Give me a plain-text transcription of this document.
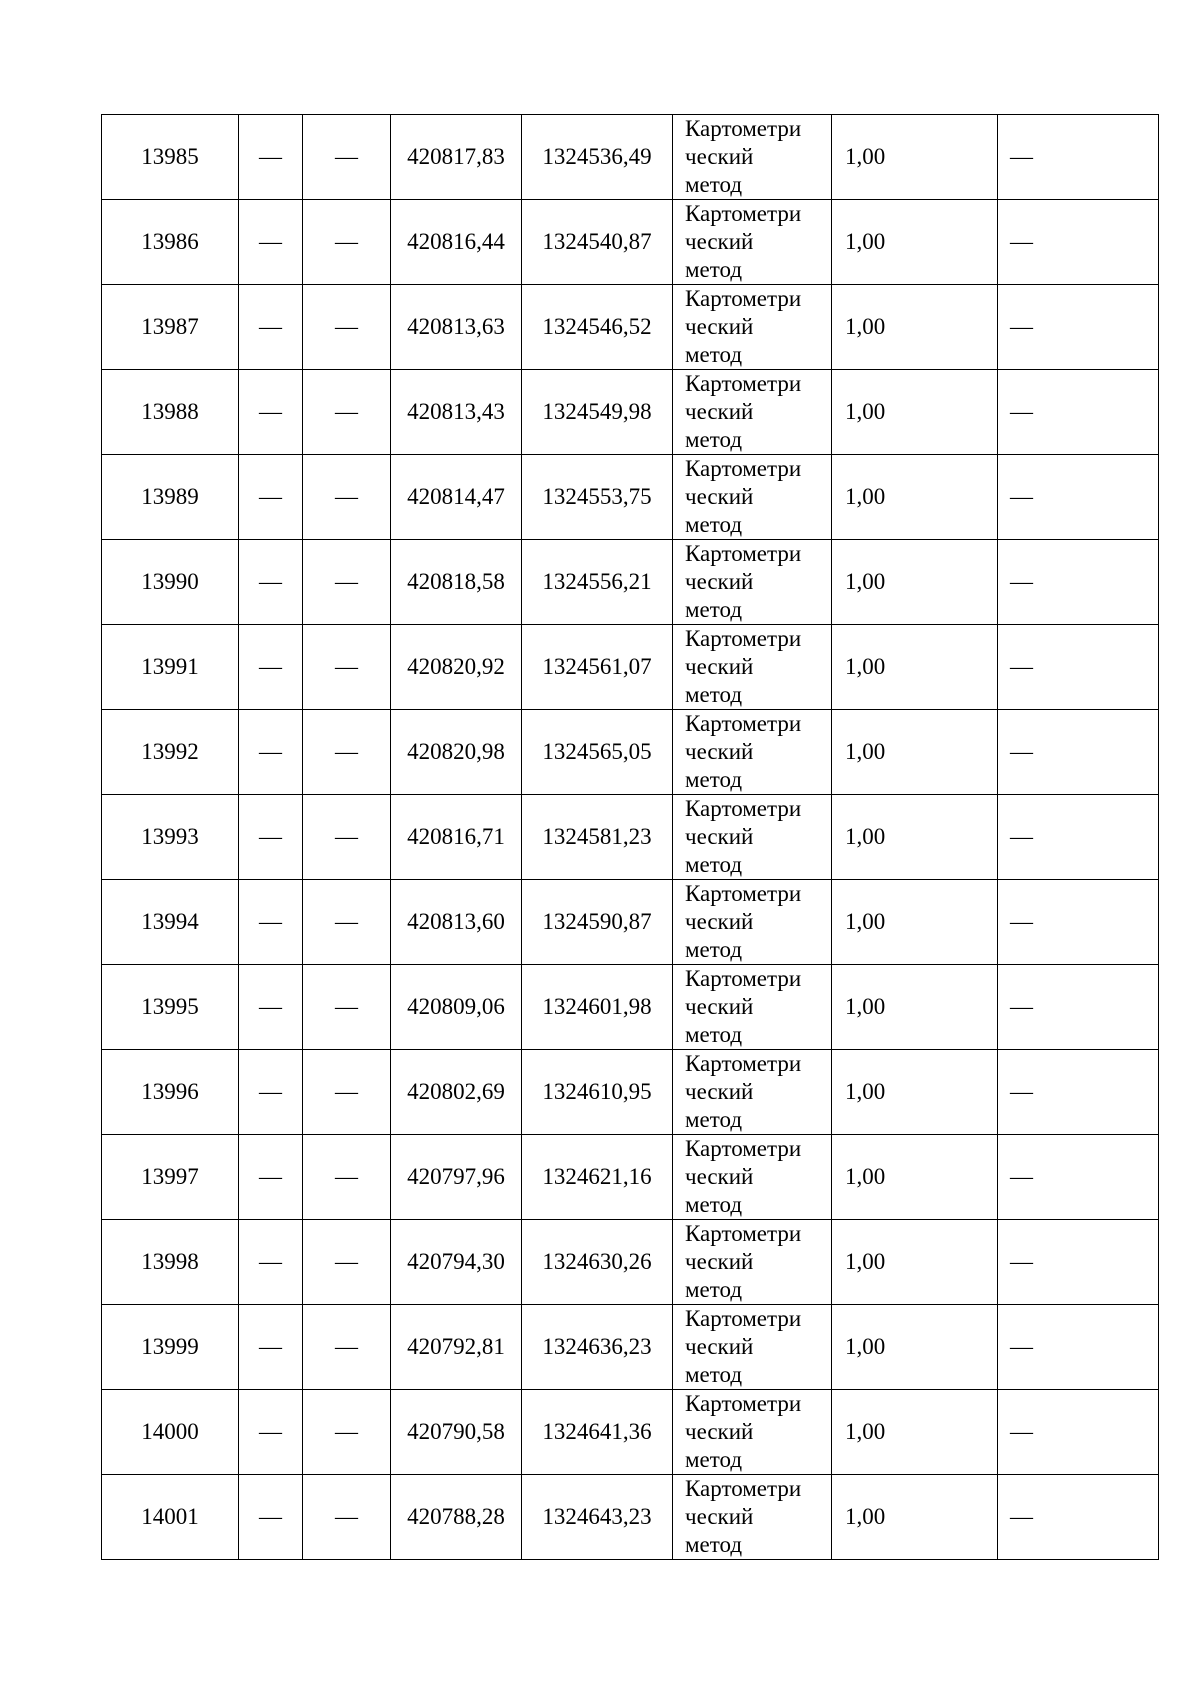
13985	—	—	420817,83	1324536,49	Картометри
ческий
метод	1,00	—
13986	—	—	420816,44	1324540,87	Картометри
ческий
метод	1,00	—
13987	—	—	420813,63	1324546,52	Картометри
ческий
метод	1,00	—
13988	—	—	420813,43	1324549,98	Картометри
ческий
метод	1,00	—
13989	—	—	420814,47	1324553,75	Картометри
ческий
метод	1,00	—
13990	—	—	420818,58	1324556,21	Картометри
ческий
метод	1,00	—
13991	—	—	420820,92	1324561,07	Картометри
ческий
метод	1,00	—
13992	—	—	420820,98	1324565,05	Картометри
ческий
метод	1,00	—
13993	—	—	420816,71	1324581,23	Картометри
ческий
метод	1,00	—
13994	—	—	420813,60	1324590,87	Картометри
ческий
метод	1,00	—
13995	—	—	420809,06	1324601,98	Картометри
ческий
метод	1,00	—
13996	—	—	420802,69	1324610,95	Картометри
ческий
метод	1,00	—
13997	—	—	420797,96	1324621,16	Картометри
ческий
метод	1,00	—
13998	—	—	420794,30	1324630,26	Картометри
ческий
метод	1,00	—
13999	—	—	420792,81	1324636,23	Картометри
ческий
метод	1,00	—
14000	—	—	420790,58	1324641,36	Картометри
ческий
метод	1,00	—
14001	—	—	420788,28	1324643,23	Картометри
ческий
метод	1,00	—
